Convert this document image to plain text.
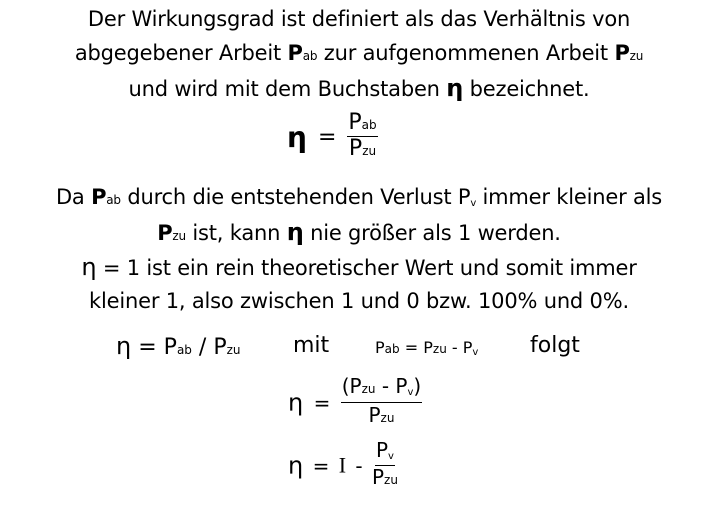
Der Wirkungsgrad ist definiert als das Verhältnis von
abgegebener Arbeit Pab zur aufgenommenen Arbeit Pzu
und wird mit dem Buchstaben η bezeichnet.
$\eta = \frac{\text{Pab}}{\text{Pzu}}$
Da Pab durch die entstehenden Verlust Pv immer kleiner als
Pzu ist, kann η nie größer als 1 werden.
η = 1 ist ein rein theoretischer Wert und somit immer
kleiner 1, also zwischen 1 und 0 bzw. 100% und 0%.
η = Pab / Pzu mit	Pab = Pzu - Pv folgt
$\eta = \frac{\text{(Pzu - Pv)}}{\text{Pzu}}$
$\eta = I - \frac{Pv}{\text{Pzu}}$
